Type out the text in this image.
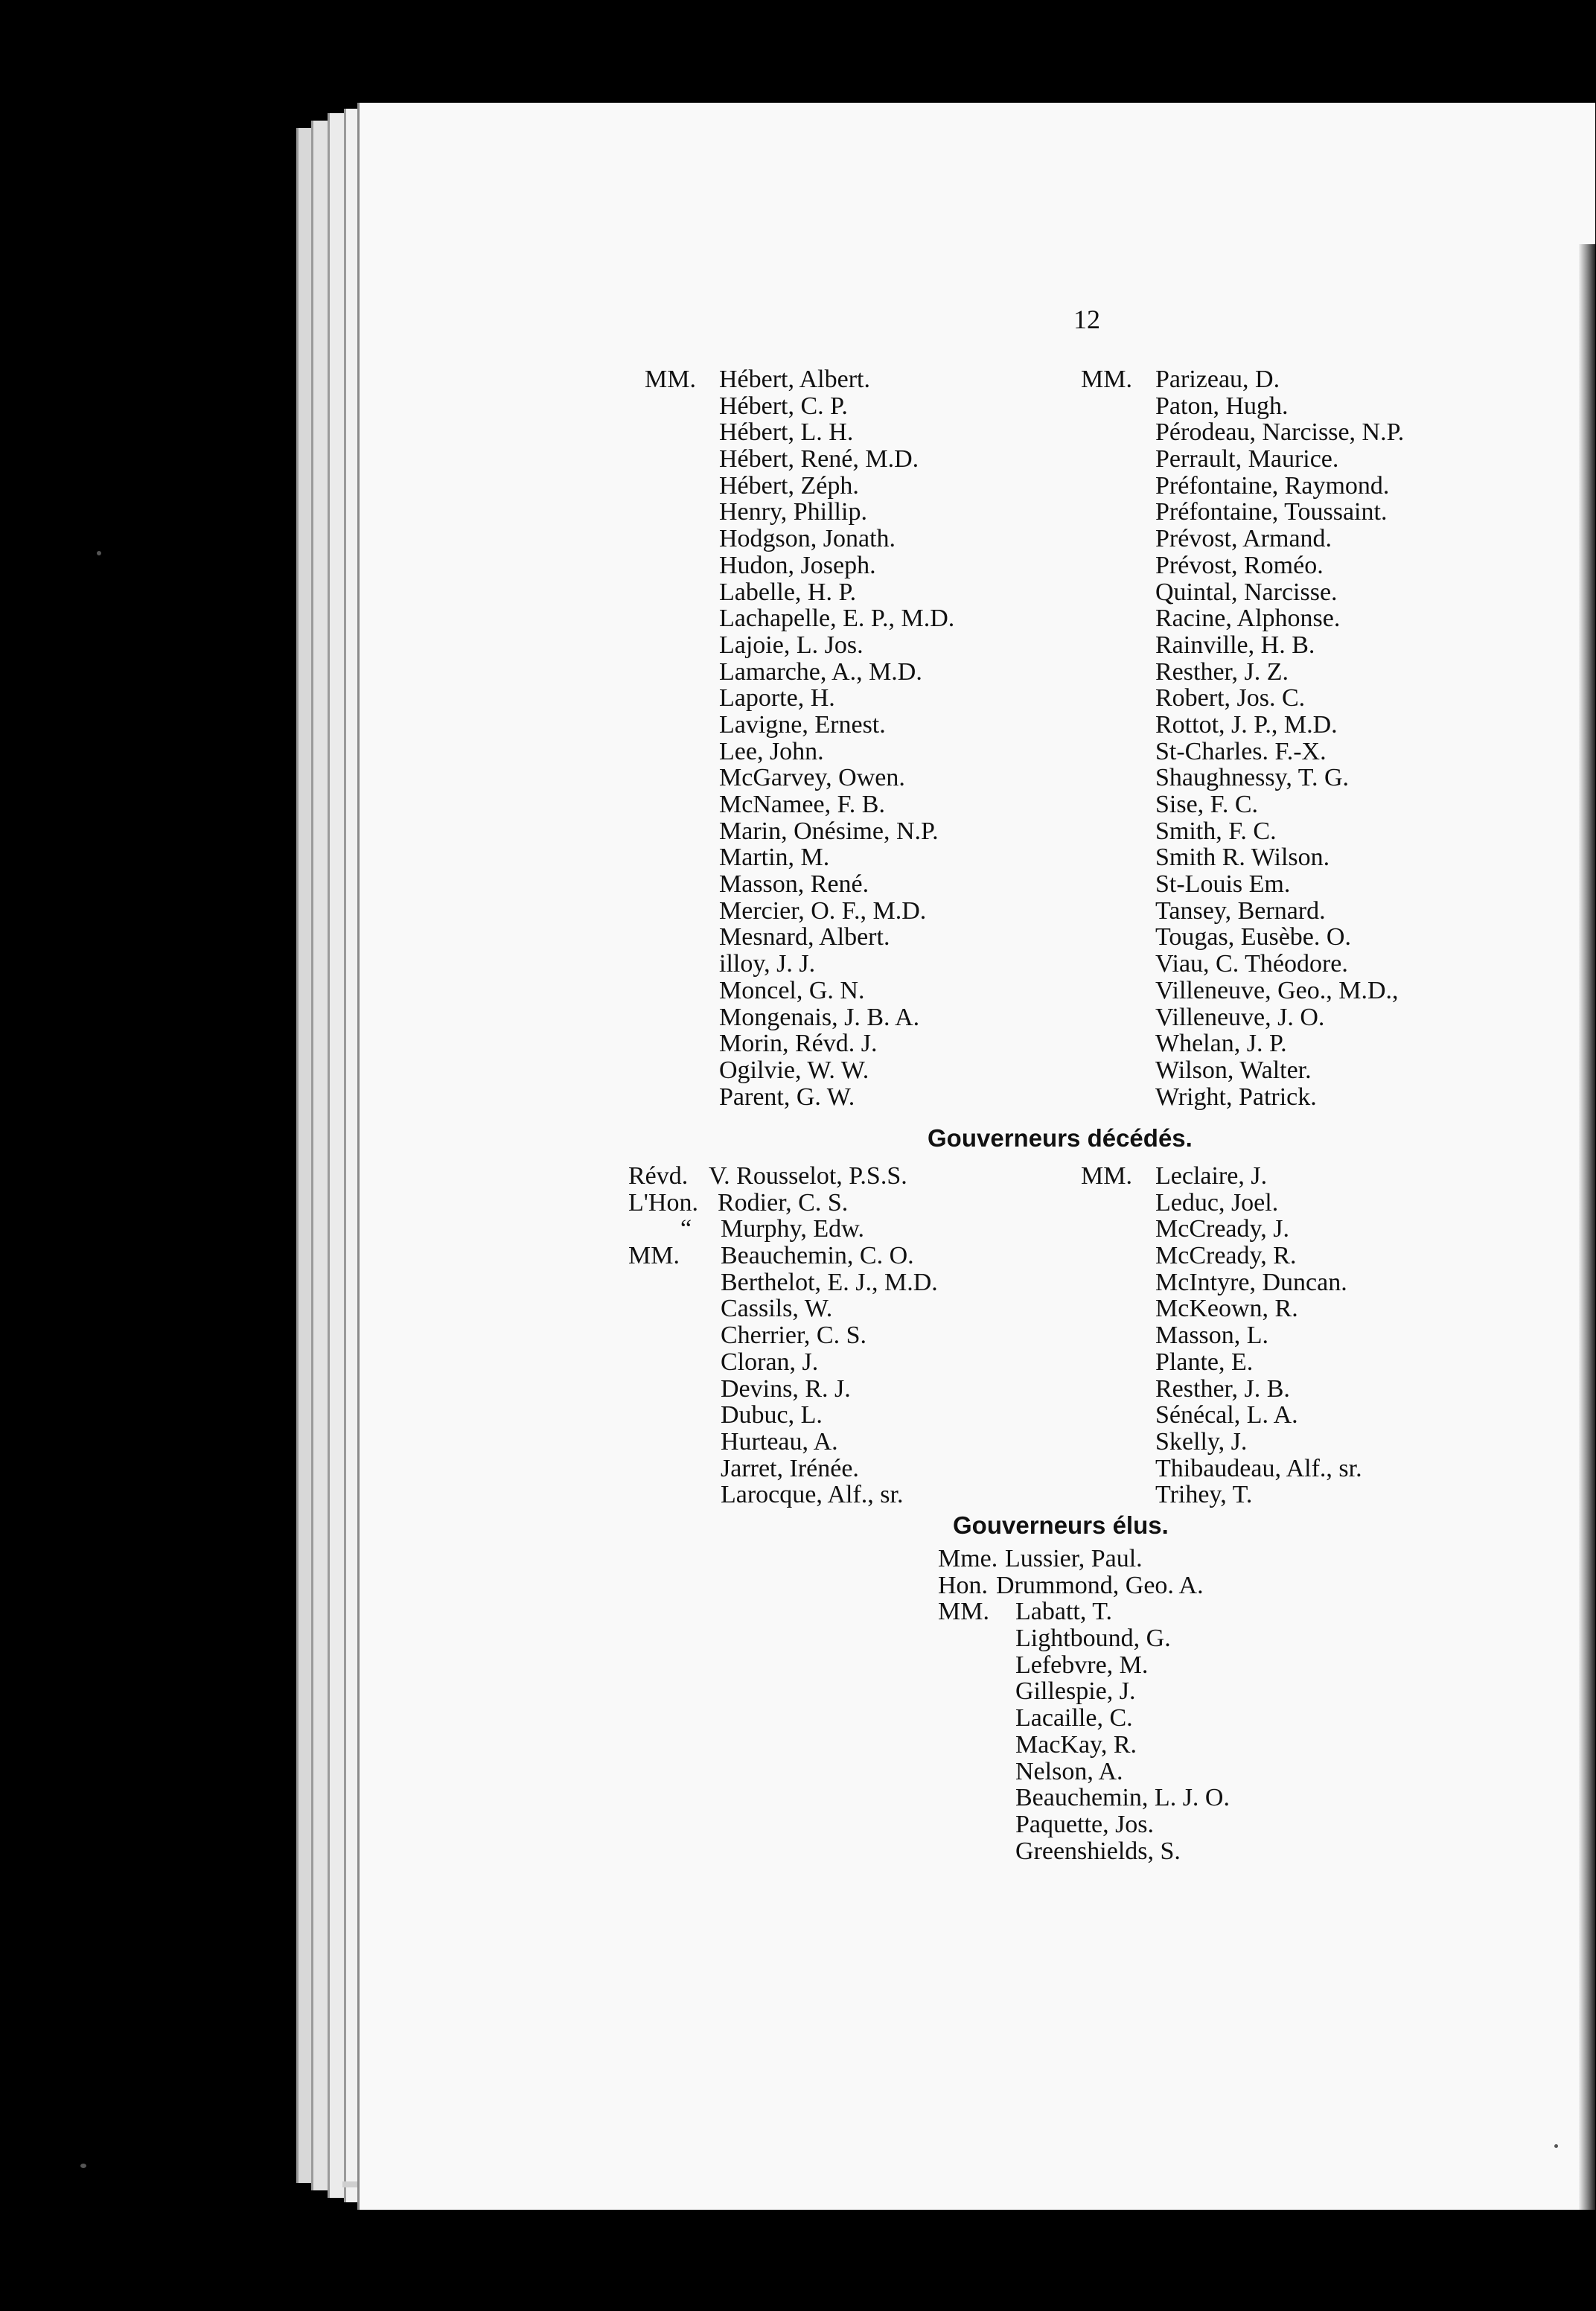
12
MM. Hébert, Albert.
Hébert, C. P.
Hébert, L. H.
Hébert, René, M.D.
Hébert, Zéph.
Henry, Phillip.
Hodgson, Jonath.
Hudon, Joseph.
Labelle, H. P.
Lachapelle, E. P., M.D.
Lajoie, L. Jos.
Lamarche, A., M.D.
Laporte, H.
Lavigne, Ernest.
Lee, John.
McGarvey, Owen.
McNamee, F. B.
Marin, Onésime, N.P.
Martin, M.
Masson, René.
Mercier, O. F., M.D.
Mesnard, Albert.
illoy, J. J.
Moncel, G. N.
Mongenais, J. B. A.
Morin, Révd. J.
Ogilvie, W. W.
Parent, G. W.
MM. Parizeau, D.
Paton, Hugh.
Pérodeau, Narcisse, N.P.
Perrault, Maurice.
Préfontaine, Raymond.
Préfontaine, Toussaint.
Prévost, Armand.
Prévost, Roméo.
Quintal, Narcisse.
Racine, Alphonse.
Rainville, H. B.
Resther, J. Z.
Robert, Jos. C.
Rottot, J. P., M.D.
St-Charles. F.-X.
Shaughnessy, T. G.
Sise, F. C.
Smith, F. C.
Smith R. Wilson.
St-Louis Em.
Tansey, Bernard.
Tougas, Eusèbe. O.
Viau, C. Théodore.
Villeneuve, Geo., M.D.,
Villeneuve, J. O.
Whelan, J. P.
Wilson, Walter.
Wright, Patrick.
Gouverneurs décédés.
Révd. V. Rousselot, P.S.S.
L'Hon. Rodier, C. S.
“ Murphy, Edw.
MM. Beauchemin, C. O.
Berthelot, E. J., M.D.
Cassils, W.
Cherrier, C. S.
Cloran, J.
Devins, R. J.
Dubuc, L.
Hurteau, A.
Jarret, Irénée.
Larocque, Alf., sr.
MM. Leclaire, J.
Leduc, Joel.
McCready, J.
McCready, R.
McIntyre, Duncan.
McKeown, R.
Masson, L.
Plante, E.
Resther, J. B.
Sénécal, L. A.
Skelly, J.
Thibaudeau, Alf., sr.
Trihey, T.
Gouverneurs élus.
Mme. Lussier, Paul.
Hon. Drummond, Geo. A.
MM. Labatt, T.
Lightbound, G.
Lefebvre, M.
Gillespie, J.
Lacaille, C.
MacKay, R.
Nelson, A.
Beauchemin, L. J. O.
Paquette, Jos.
Greenshields, S.
